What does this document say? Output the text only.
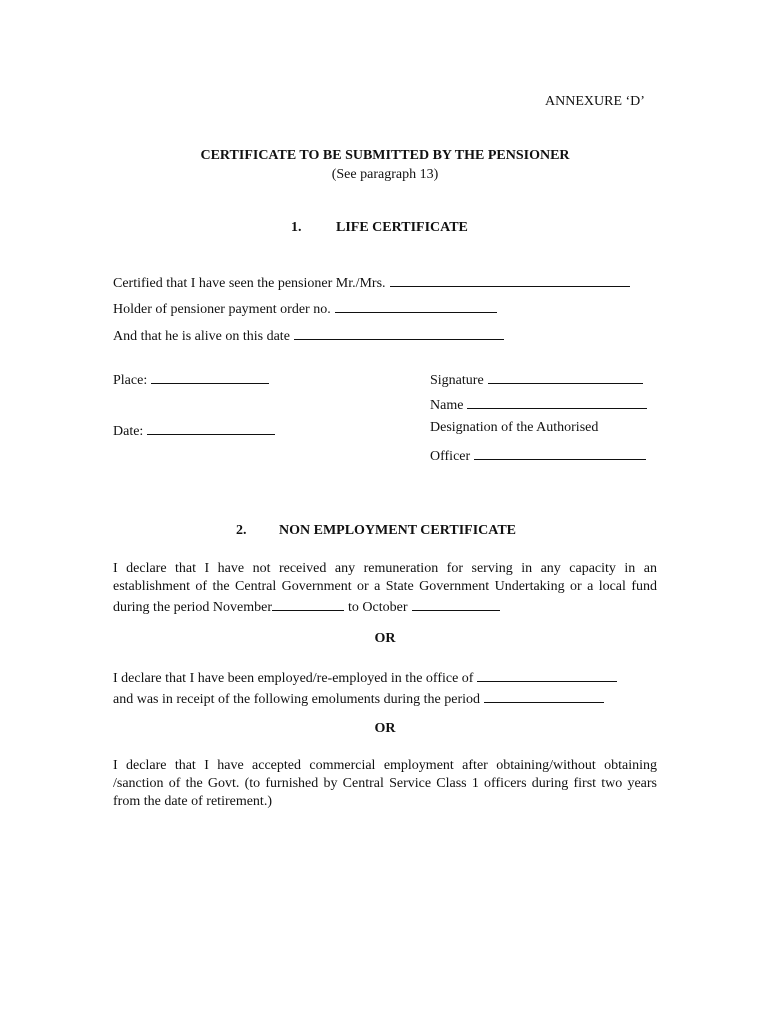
ANNEXURE ‘D’
CERTIFICATE TO BE SUBMITTED BY THE PENSIONER
(See paragraph 13)
1. LIFE CERTIFICATE
Certified that I have seen the pensioner Mr./Mrs.
Holder of pensioner payment order no.
And that he is alive on this date
Place:
Date:
Signature
Name
Designation of the Authorised
Officer
2. NON EMPLOYMENT CERTIFICATE
I declare that I have not received any remuneration for serving in any capacity in an establishment of the Central Government or a State Government Undertaking or a local fund during the period November	to October
OR
I declare that I have been employed/re-employed in the office of
and was in receipt of the following emoluments during the period
OR
I declare that I have accepted commercial employment after obtaining/without obtaining /sanction of the Govt. (to furnished by Central Service Class 1 officers during first two years from the date of retirement.)
